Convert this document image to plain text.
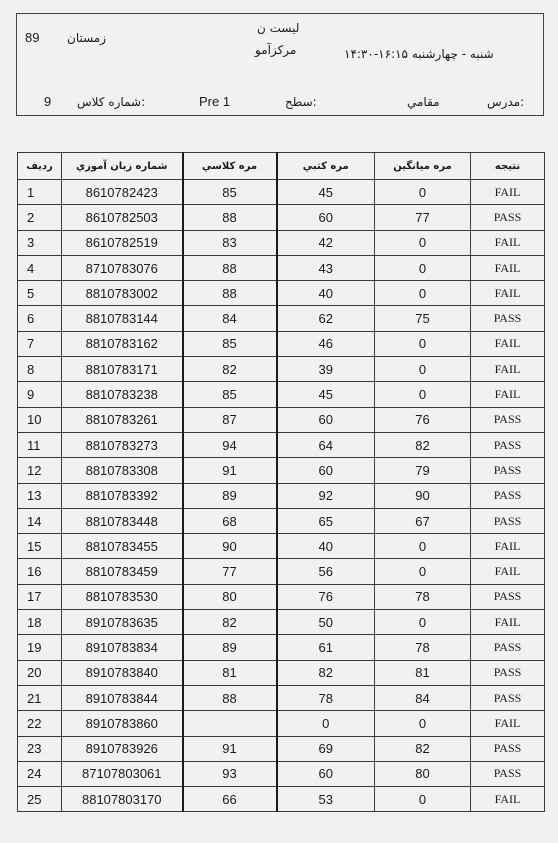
لیست ن
مرکزآمو
زمستان
89
شنبه - چهارشنبه ۱۶:۱۵-۱۴:۳۰
مدرس:
مقامي
سطح:
Pre 1
شماره کلاس:
9
رديف	شماره زبان آموزي	مره کلاسي	مره کتبي	مره ميانگين	نتيجه
1	8610782423	85	45	0	FAIL
2	8610782503	88	60	77	PASS
3	8610782519	83	42	0	FAIL
4	8710783076	88	43	0	FAIL
5	8810783002	88	40	0	FAIL
6	8810783144	84	62	75	PASS
7	8810783162	85	46	0	FAIL
8	8810783171	82	39	0	FAIL
9	8810783238	85	45	0	FAIL
10	8810783261	87	60	76	PASS
11	8810783273	94	64	82	PASS
12	8810783308	91	60	79	PASS
13	8810783392	89	92	90	PASS
14	8810783448	68	65	67	PASS
15	8810783455	90	40	0	FAIL
16	8810783459	77	56	0	FAIL
17	8810783530	80	76	78	PASS
18	8910783635	82	50	0	FAIL
19	8910783834	89	61	78	PASS
20	8910783840	81	82	81	PASS
21	8910783844	88	78	84	PASS
22	8910783860		0	0	FAIL
23	8910783926	91	69	82	PASS
24	87107803061	93	60	80	PASS
25	88107803170	66	53	0	FAIL
